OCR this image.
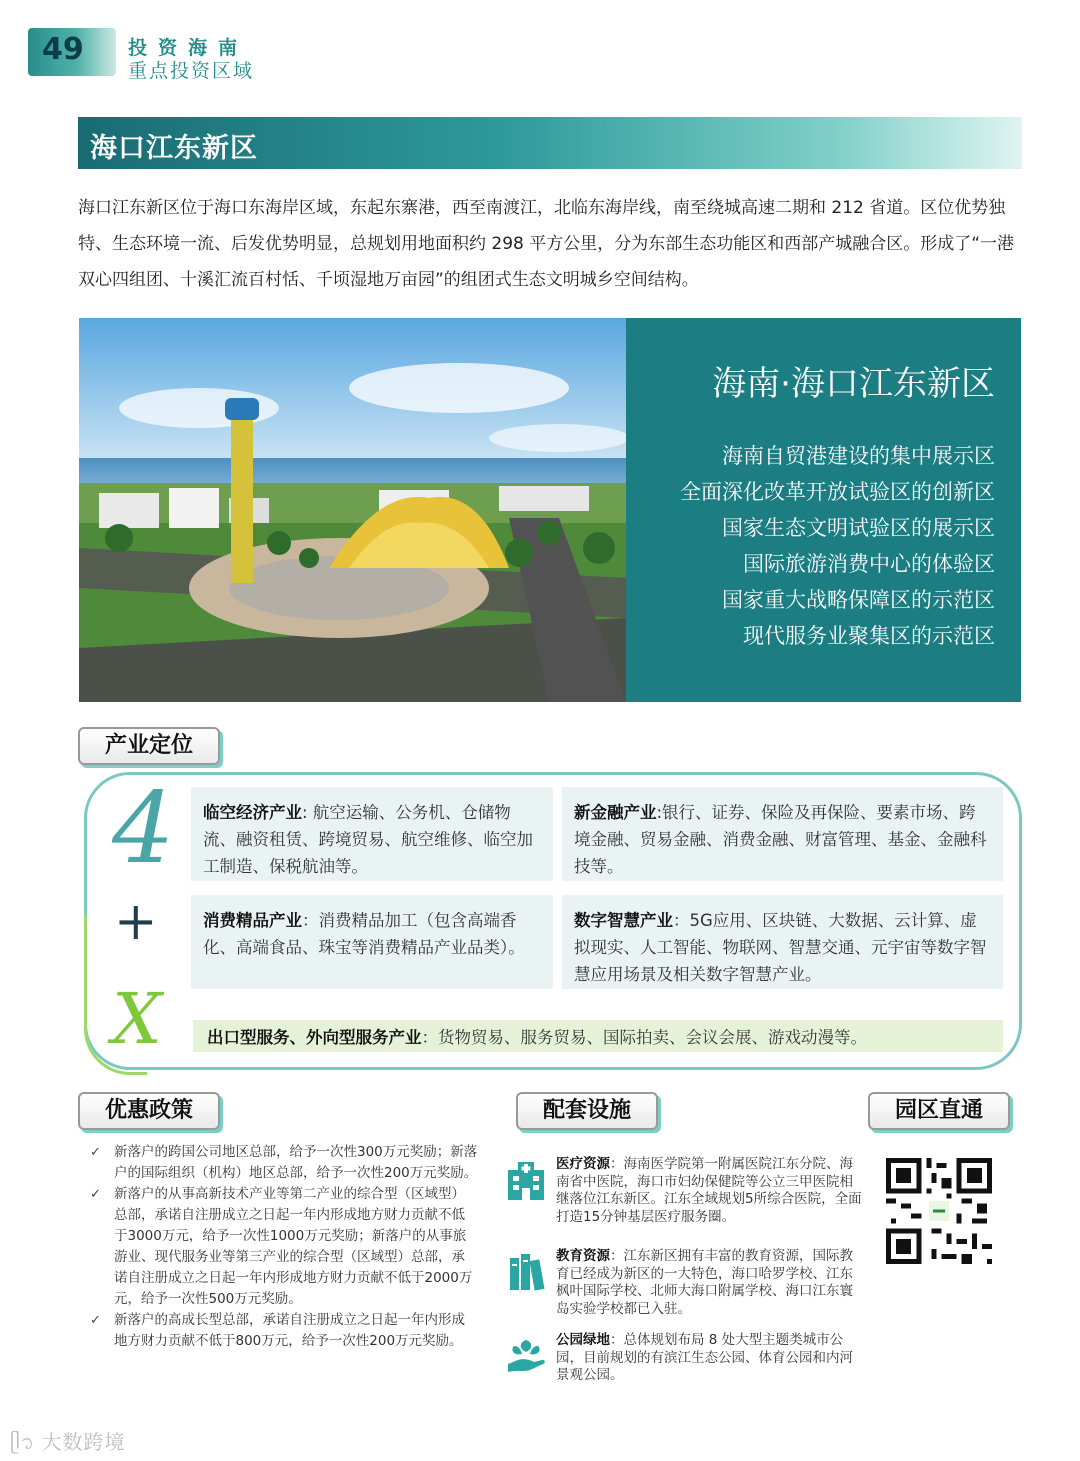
49 投资海南
重点投资区域
海口江东新区
海口江东新区位于海口东海岸区域，东起东寨港，西至南渡江，北临东海岸线，南至绕城高速二期和 212 省道。区位优势独特、生态环境一流、后发优势明显，总规划用地面积约 298 平方公里，分为东部生态功能区和西部产城融合区。形成了“一港双心四组团、十溪汇流百村恬、千顷湿地万亩园”的组团式生态文明城乡空间结构。
海南·海口江东新区
海南自贸港建设的集中展示区
全面深化改革开放试验区的创新区
国家生态文明试验区的展示区
国际旅游消费中心的体验区
国家重大战略保障区的示范区
现代服务业聚集区的示范区
产业定位
4
+
X
临空经济产业: 航空运输、公务机、仓储物流、融资租赁、跨境贸易、航空维修、临空加工制造、保税航油等。
新金融产业:银行、证券、保险及再保险、要素市场、跨境金融、贸易金融、消费金融、财富管理、基金、金融科技等。
消费精品产业：消费精品加工（包含高端香化、高端食品、珠宝等消费精品产业品类）。
数字智慧产业：5G应用、区块链、大数据、云计算、虚拟现实、人工智能、物联网、智慧交通、元宇宙等数字智慧应用场景及相关数字智慧产业。
出口型服务、外向型服务产业：货物贸易、服务贸易、国际拍卖、会议会展、游戏动漫等。
优惠政策
✓ 新落户的跨国公司地区总部，给予一次性300万元奖励；新落户的国际组织（机构）地区总部，给予一次性200万元奖励。
✓ 新落户的从事高新技术产业等第二产业的综合型（区域型）总部，承诺自注册成立之日起一年内形成地方财力贡献不低于3000万元，给予一次性1000万元奖励；新落户的从事旅游业、现代服务业等第三产业的综合型（区域型）总部，承诺自注册成立之日起一年内形成地方财力贡献不低于2000万元，给予一次性500万元奖励。
✓ 新落户的高成长型总部，承诺自注册成立之日起一年内形成地方财力贡献不低于800万元，给予一次性200万元奖励。
配套设施
医疗资源：海南医学院第一附属医院江东分院、海南省中医院，海口市妇幼保健院等公立三甲医院相继落位江东新区。江东全域规划5所综合医院，全面打造15分钟基层医疗服务圈。
教育资源：江东新区拥有丰富的教育资源，国际教育已经成为新区的一大特色，海口哈罗学校、江东枫叶国际学校、北师大海口附属学校、海口江东寰岛实验学校都已入驻。
公园绿地：总体规划布局 8 处大型主题类城市公园，目前规划的有滨江生态公园、体育公园和内河景观公园。
园区直通
ᥫ᭡ 大数跨境
